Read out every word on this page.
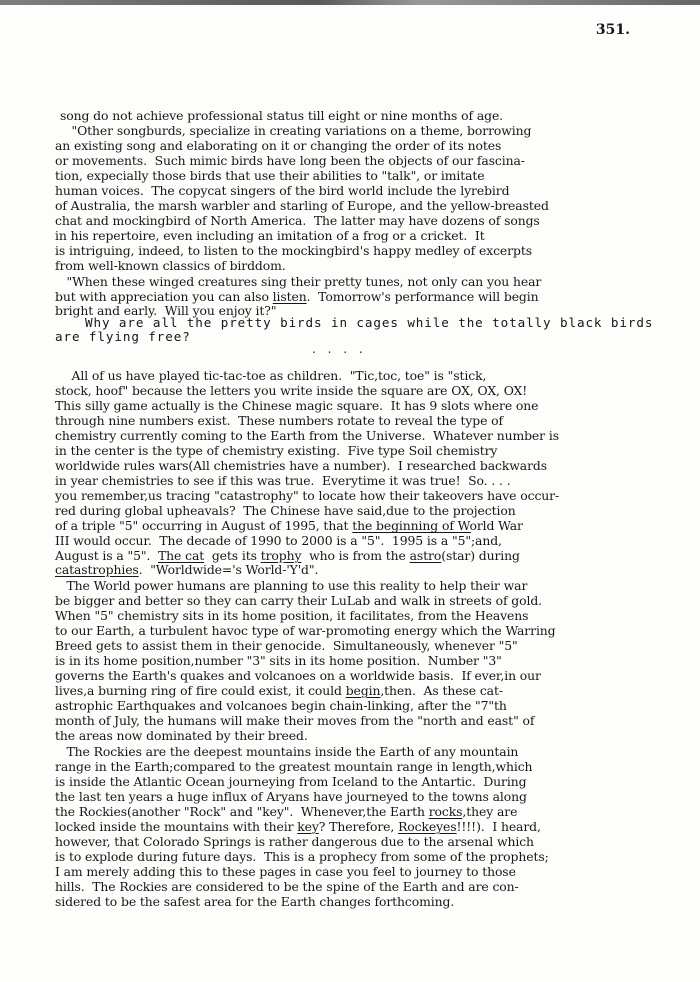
351.
song do not achieve professional status till eight or nine months of age.
"Other songburds, specialize in creating variations on a theme, borrowing
an existing song and elaborating on it or changing the order of its notes
or movements.  Such mimic birds have long been the objects of our fascina-
tion, expecially those birds that use their abilities to "talk", or imitate
human voices.  The copycat singers of the bird world include the lyrebird
of Australia, the marsh warbler and starling of Europe, and the yellow-breasted
chat and mockingbird of North America.  The latter may have dozens of songs
in his repertoire, even including an imitation of a frog or a cricket.  It
is intriguing, indeed, to listen to the mockingbird's happy medley of excerpts
from well-known classics of birddom.
"When these winged creatures sing their pretty tunes, not only can you hear
but with appreciation you can also listen.  Tomorrow's performance will begin
bright and early.  Will you enjoy it?"
Why are all the pretty birds in cages while the totally black birds
are flying free?
. . . .
All of us have played tic-tac-toe as children.  "Tic,toc, toe" is "stick,
stock, hoof" because the letters you write inside the square are OX, OX, OX!
This silly game actually is the Chinese magic square.  It has 9 slots where one
through nine numbers exist.  These numbers rotate to reveal the type of
chemistry currently coming to the Earth from the Universe.  Whatever number is
in the center is the type of chemistry existing.  Five type Soil chemistry
worldwide rules wars(All chemistries have a number).  I researched backwards
in year chemistries to see if this was true.  Everytime it was true!  So. . . .
you remember,us tracing "catastrophy" to locate how their takeovers have occur-
red during global upheavals?  The Chinese have said,due to the projection
of a triple "5" occurring in August of 1995, that the beginning of World War
III would occur.  The decade of 1990 to 2000 is a "5".  1995 is a "5";and,
August is a "5".  The cat  gets its trophy  who is from the astro(star) during
catastrophies.  "Worldwide='s World-'Y'd".
The World power humans are planning to use this reality to help their war
be bigger and better so they can carry their LuLab and walk in streets of gold.
When "5" chemistry sits in its home position, it facilitates, from the Heavens
to our Earth, a turbulent havoc type of war-promoting energy which the Warring
Breed gets to assist them in their genocide.  Simultaneously, whenever "5"
is in its home position,number "3" sits in its home position.  Number "3"
governs the Earth's quakes and volcanoes on a worldwide basis.  If ever,in our
lives,a burning ring of fire could exist, it could begin,then.  As these cat-
astrophic Earthquakes and volcanoes begin chain-linking, after the "7"th
month of July, the humans will make their moves from the "north and east" of
the areas now dominated by their breed.
The Rockies are the deepest mountains inside the Earth of any mountain
range in the Earth;compared to the greatest mountain range in length,which
is inside the Atlantic Ocean journeying from Iceland to the Antartic.  During
the last ten years a huge influx of Aryans have journeyed to the towns along
the Rockies(another "Rock" and "key".  Whenever,the Earth rocks,they are
locked inside the mountains with their key? Therefore, Rockeyes!!!!).  I heard,
however, that Colorado Springs is rather dangerous due to the arsenal which
is to explode during future days.  This is a prophecy from some of the prophets;
I am merely adding this to these pages in case you feel to journey to those
hills.  The Rockies are considered to be the spine of the Earth and are con-
sidered to be the safest area for the Earth changes forthcoming.
